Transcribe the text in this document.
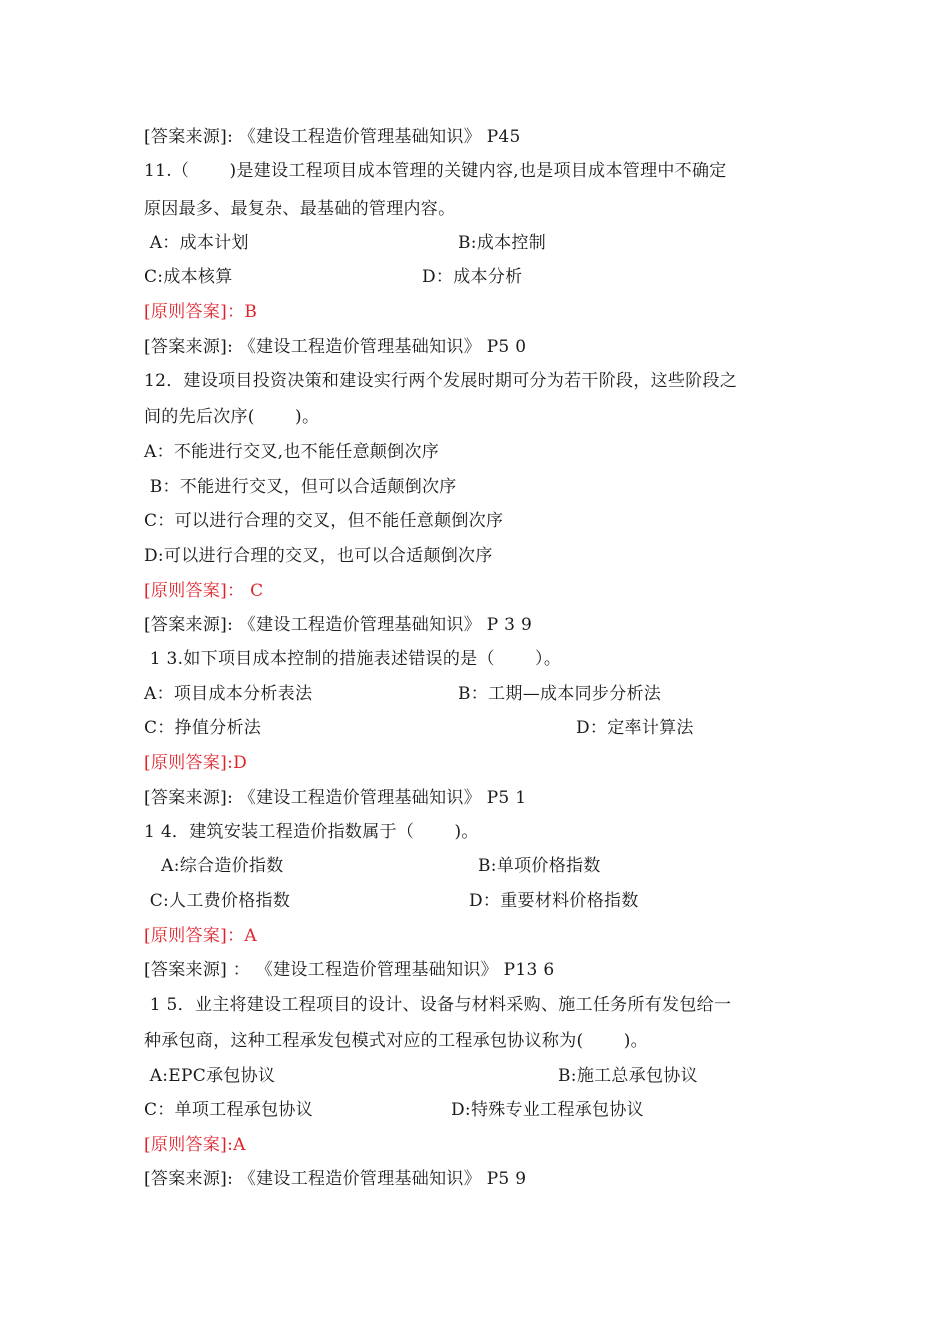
[答案来源]: 《建设工程造价管理基础知识》 P45
11.（　　 )是建设工程项目成本管理的关键内容,也是项目成本管理中不确定
原因最多、最复杂、最基础的管理内容。
A：成本计划	B:成本控制
C:成本核算	D：成本分析
[原则答案]：B
[答案来源]: 《建设工程造价管理基础知识》 P5 0
12．建设项目投资决策和建设实行两个发展时期可分为若干阶段，这些阶段之
间的先后次序(　　 )。
A：不能进行交叉,也不能任意颠倒次序
B：不能进行交叉，但可以合适颠倒次序
C：可以进行合理的交叉，但不能任意颠倒次序
D:可以进行合理的交叉，也可以合适颠倒次序
[原则答案]： C
[答案来源]: 《建设工程造价管理基础知识》 P 3 9
1 3.如下项目成本控制的措施表述错误的是（　　 ）。
A：项目成本分析表法	B：工期—成本同步分析法
C：挣值分析法	D：定率计算法
[原则答案]:D
[答案来源]: 《建设工程造价管理基础知识》 P5 1
1 4．建筑安装工程造价指数属于（　　 )。
A:综合造价指数	B:单项价格指数
C:人工费价格指数	D：重要材料价格指数
[原则答案]：A
[答案来源] ： 《建设工程造价管理基础知识》 P13 6
1 5．业主将建设工程项目的设计、设备与材料采购、施工任务所有发包给一
种承包商，这种工程承发包模式对应的工程承包协议称为(　　 )。
A:EPC承包协议	B:施工总承包协议
C：单项工程承包协议	D:特殊专业工程承包协议
[原则答案]:A
[答案来源]: 《建设工程造价管理基础知识》 P5 9
